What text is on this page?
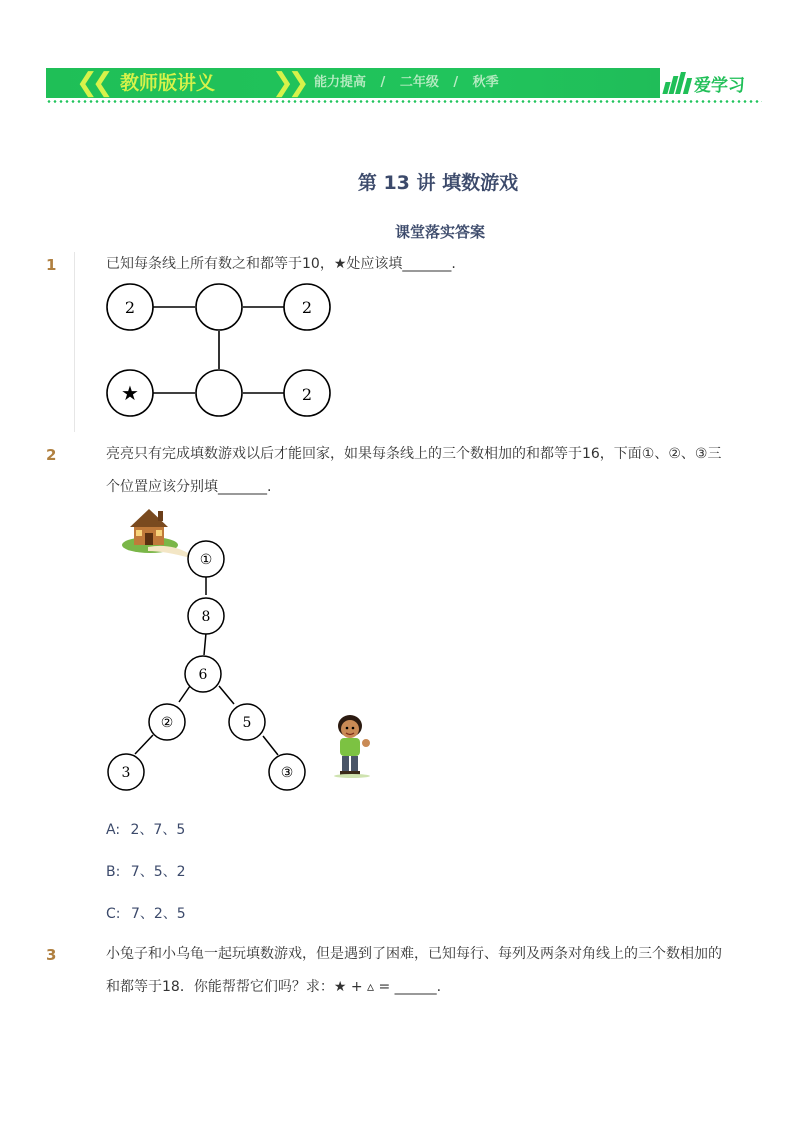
❮❮ 教师版讲义 ❯❯ 能力提高 / 二年级 / 秋季	爱学习
第 13 讲 填数游戏
课堂落实答案
1	已知每条线上所有数之和都等于10，★处应该填_______.
2	2
★	2
2	亮亮只有完成填数游戏以后才能回家，如果每条线上的三个数相加的和都等于16，下面①、②、③三个位置应该分别填_______.
①
8
6
②	5
3	③
A: 2、7、5
B: 7、5、2
C: 7、2、5
3	小兔子和小乌龟一起玩填数游戏，但是遇到了困难，已知每行、每列及两条对角线上的三个数相加的和都等于18．你能帮帮它们吗？求：★ + ▵ = ______.
